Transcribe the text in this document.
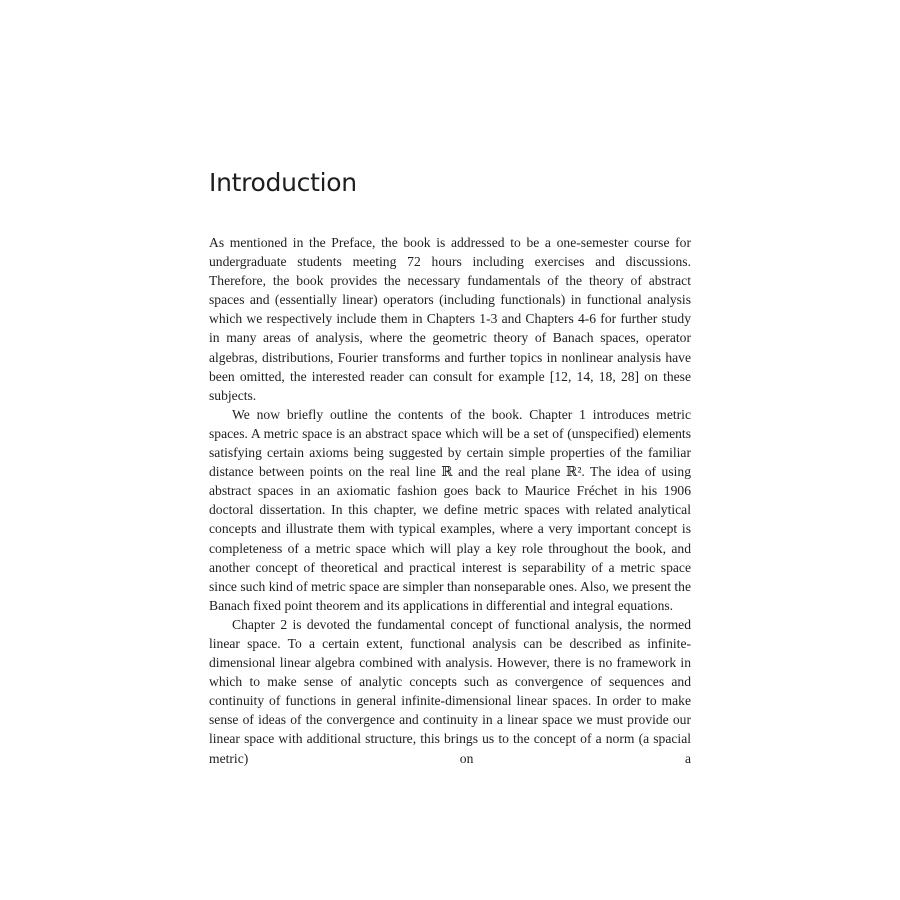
Introduction

As mentioned in the Preface, the book is addressed to be a one-semester course for undergraduate students meeting 72 hours including exercises and discussions. Therefore, the book provides the necessary fundamentals of the theory of abstract spaces and (essentially linear) operators (including functionals) in functional analysis which we respectively include them in Chapters 1-3 and Chapters 4-6 for further study in many areas of analysis, where the geometric theory of Banach spaces, operator algebras, distributions, Fourier transforms and further topics in nonlinear analysis have been omitted, the interested reader can consult for example [12, 14, 18, 28] on these subjects.

We now briefly outline the contents of the book. Chapter 1 introduces metric spaces. A metric space is an abstract space which will be a set of (unspecified) elements satisfying certain axioms being suggested by certain simple properties of the familiar distance between points on the real line ℝ and the real plane ℝ². The idea of using abstract spaces in an axiomatic fashion goes back to Maurice Fréchet in his 1906 doctoral dissertation. In this chapter, we define metric spaces with related analytical concepts and illustrate them with typical examples, where a very important concept is completeness of a metric space which will play a key role throughout the book, and another concept of theoretical and practical interest is separability of a metric space since such kind of metric space are simpler than nonseparable ones. Also, we present the Banach fixed point theorem and its applications in differential and integral equations.

Chapter 2 is devoted the fundamental concept of functional analysis, the normed linear space. To a certain extent, functional analysis can be described as infinite-dimensional linear algebra combined with analysis. However, there is no framework in which to make sense of analytic concepts such as convergence of sequences and continuity of functions in general infinite-dimensional linear spaces. In order to make sense of ideas of the convergence and continuity in a linear space we must provide our linear space with additional structure, this brings us to the concept of a norm (a spacial metric) on a
